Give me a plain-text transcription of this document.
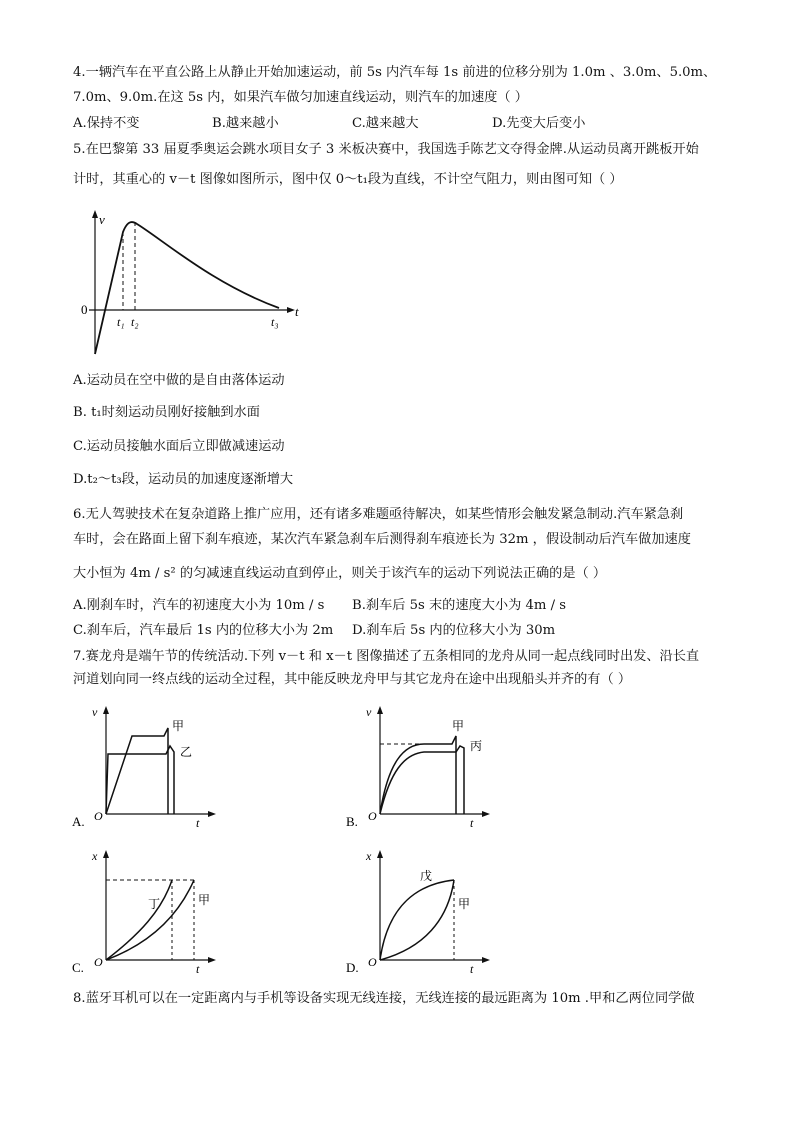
4.一辆汽车在平直公路上从静止开始加速运动，前 5s 内汽车每 1s 前进的位移分别为 1.0m 、3.0m、5.0m、
7.0m、9.0m.在这 5s 内，如果汽车做匀加速直线运动，则汽车的加速度（ ）
A.保持不变	B.越来越小	C.越来越大	D.先变大后变小
5.在巴黎第 33 届夏季奥运会跳水项目女子 3 米板决赛中，我国选手陈艺文夺得金牌.从运动员离开跳板开始
计时，其重心的 v－t 图像如图所示，图中仅 0～t₁段为直线，不计空气阻力，则由图可知（ ）
v
t
0
t₁ t₂	t₃
A.运动员在空中做的是自由落体运动
B. t₁时刻运动员刚好接触到水面
C.运动员接触水面后立即做减速运动
D.t₂～t₃段，运动员的加速度逐渐增大
6.无人驾驶技术在复杂道路上推广应用，还有诸多难题亟待解决，如某些情形会触发紧急制动.汽车紧急刹
车时，会在路面上留下刹车痕迹，某次汽车紧急刹车后测得刹车痕迹长为 32m ，假设制动后汽车做加速度
大小恒为 4m / s² 的匀减速直线运动直到停止，则关于该汽车的运动下列说法正确的是（ ）
A.刚刹车时，汽车的初速度大小为 10m / s B.刹车后 5s 末的速度大小为 4m / s
C.刹车后，汽车最后 1s 内的位移大小为 2m D.刹车后 5s 内的位移大小为 30m
7.赛龙舟是端午节的传统活动.下列 v－t 和 x－t 图像描述了五条相同的龙舟从同一起点线同时出发、沿长直
河道划向同一终点线的运动全过程，其中能反映龙舟甲与其它龙舟在途中出现船头并齐的有（ ）
A.
v
t
O
甲
乙
B.
v
t
O
甲
丙
C.
x
t
O
丁	甲
D.
x
t
O
戊
甲
8.蓝牙耳机可以在一定距离内与手机等设备实现无线连接，无线连接的最远距离为 10m .甲和乙两位同学做
